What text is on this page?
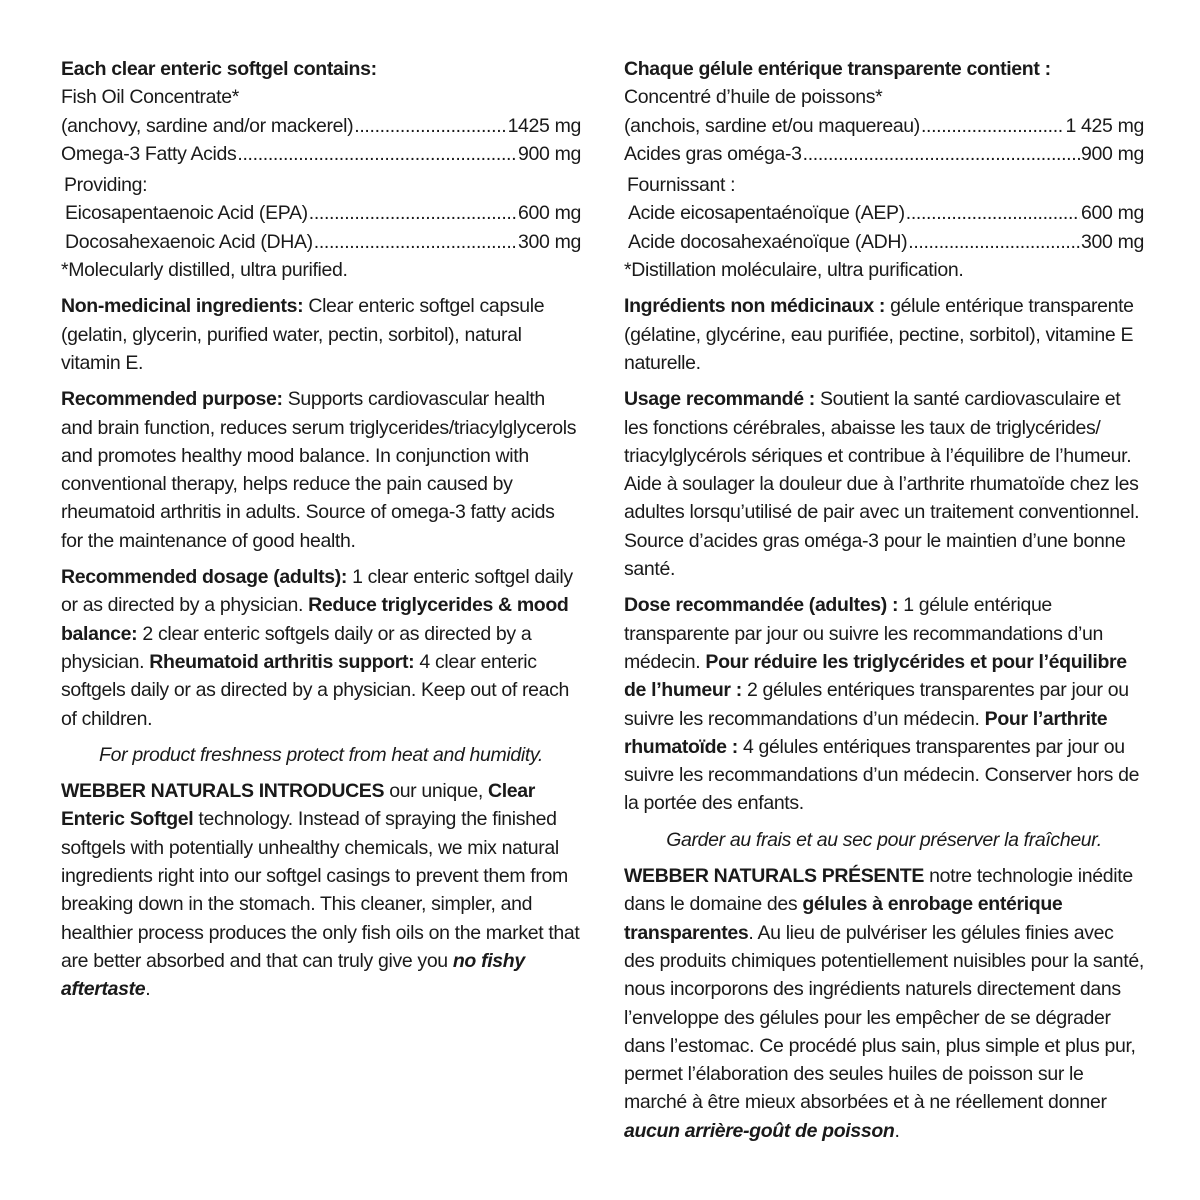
Each clear enteric softgel contains:
Fish Oil Concentrate*
(anchovy, sardine and/or mackerel) .....	1425 mg
Omega-3 Fatty Acids .....	900 mg
Providing:
Eicosapentaenoic Acid (EPA) .....	600 mg
Docosahexaenoic Acid (DHA) .....	300 mg
*Molecularly distilled, ultra purified.
Non-medicinal ingredients: Clear enteric softgel capsule (gelatin, glycerin, purified water, pectin, sorbitol), natural vitamin E.
Recommended purpose: Supports cardiovascular health and brain function, reduces serum triglycerides/triacylglycerols and promotes healthy mood balance. In conjunction with conventional therapy, helps reduce the pain caused by rheumatoid arthritis in adults. Source of omega-3 fatty acids for the maintenance of good health.
Recommended dosage (adults): 1 clear enteric softgel daily or as directed by a physician. Reduce triglycerides & mood balance: 2 clear enteric softgels daily or as directed by a physician. Rheumatoid arthritis support: 4 clear enteric softgels daily or as directed by a physician. Keep out of reach of children.
For product freshness protect from heat and humidity.
WEBBER NATURALS INTRODUCES our unique, Clear Enteric Softgel technology. Instead of spraying the finished softgels with potentially unhealthy chemicals, we mix natural ingredients right into our softgel casings to prevent them from breaking down in the stomach. This cleaner, simpler, and healthier process produces the only fish oils on the market that are better absorbed and that can truly give you no fishy aftertaste.
Chaque gélule entérique transparente contient :
Concentré d’huile de poissons*
(anchois, sardine et/ou maquereau) .....	1 425 mg
Acides gras oméga-3 .....	900 mg
Fournissant :
Acide eicosapentaénoïque (AEP) .....	600 mg
Acide docosahexaénoïque (ADH) .....	300 mg
*Distillation moléculaire, ultra purification.
Ingrédients non médicinaux : gélule entérique transparente (gélatine, glycérine, eau purifiée, pectine, sorbitol), vitamine E naturelle.
Usage recommandé : Soutient la santé cardiovasculaire et les fonctions cérébrales, abaisse les taux de triglycérides/ triacylglycérols sériques et contribue à l’équilibre de l’humeur. Aide à soulager la douleur due à l’arthrite rhumatoïde chez les adultes lorsqu’utilisé de pair avec un traitement conventionnel. Source d’acides gras oméga-3 pour le maintien d’une bonne santé.
Dose recommandée (adultes) : 1 gélule entérique transparente par jour ou suivre les recommandations d’un médecin. Pour réduire les triglycérides et pour l’équilibre de l’humeur : 2 gélules entériques transparentes par jour ou suivre les recommandations d’un médecin. Pour l’arthrite rhumatoïde : 4 gélules entériques transparentes par jour ou suivre les recommandations d’un médecin. Conserver hors de la portée des enfants.
Garder au frais et au sec pour préserver la fraîcheur.
WEBBER NATURALS PRÉSENTE notre technologie inédite dans le domaine des gélules à enrobage entérique transparentes. Au lieu de pulvériser les gélules finies avec des produits chimiques potentiellement nuisibles pour la santé, nous incorporons des ingrédients naturels directement dans l’enveloppe des gélules pour les empêcher de se dégrader dans l’estomac. Ce procédé plus sain, plus simple et plus pur, permet l’élaboration des seules huiles de poisson sur le marché à être mieux absorbées et à ne réellement donner aucun arrière-goût de poisson.
